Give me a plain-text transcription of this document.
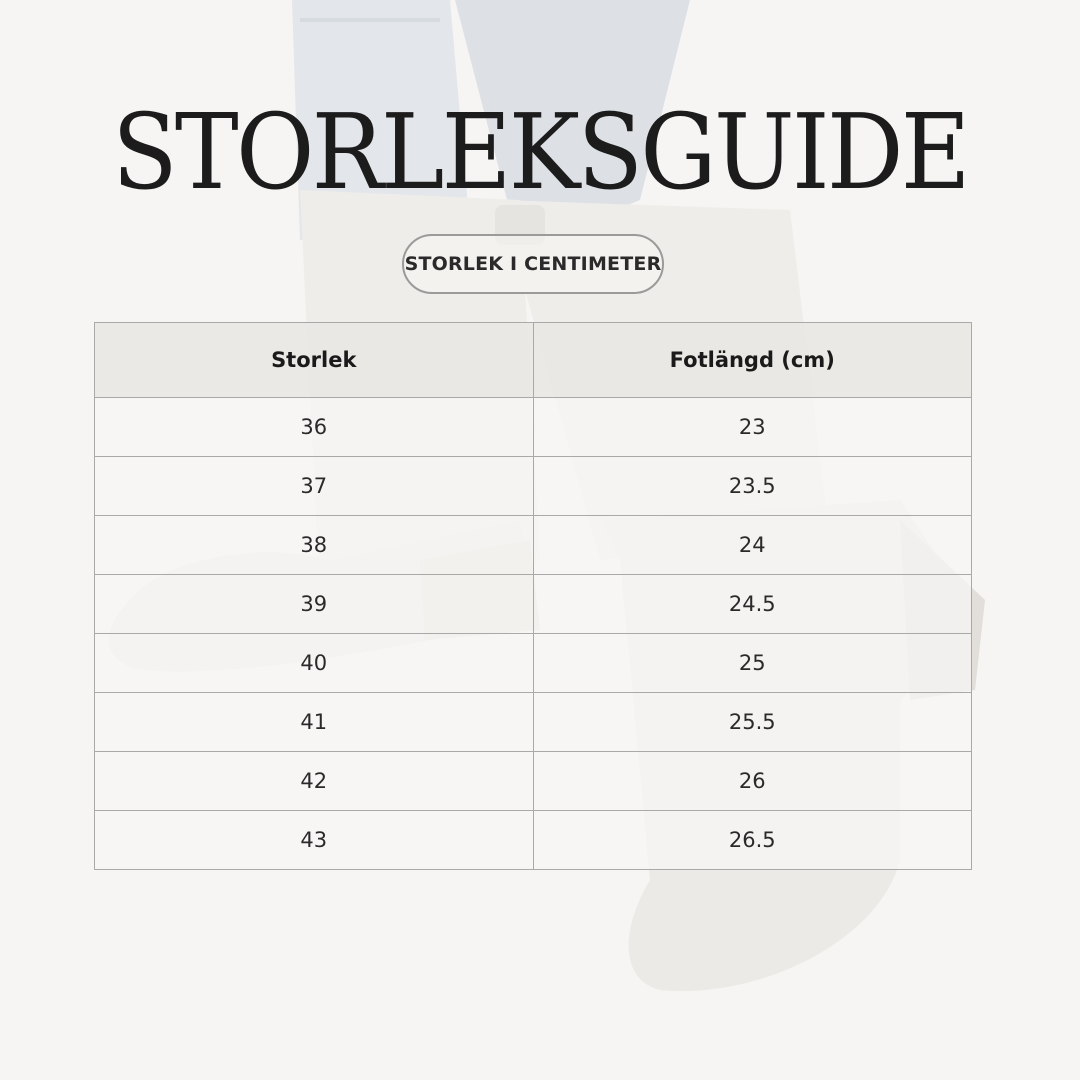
STORLEKSGUIDE
STORLEK I CENTIMETER
Storlek	Fotlängd (cm)
36	23
37	23.5
38	24
39	24.5
40	25
41	25.5
42	26
43	26.5
